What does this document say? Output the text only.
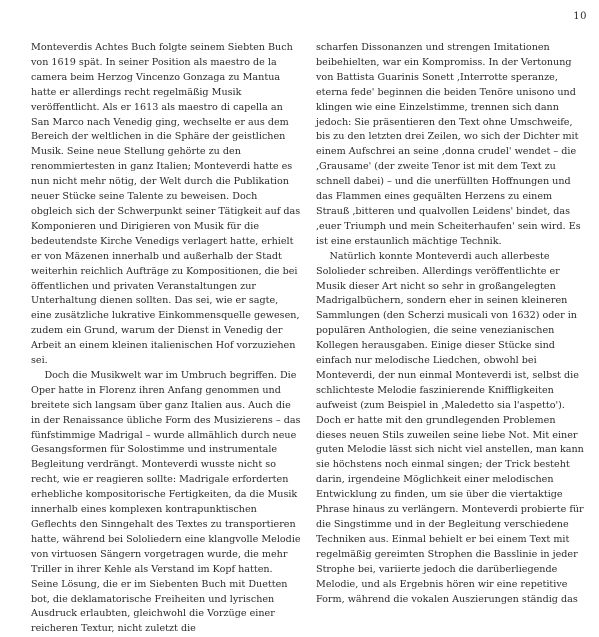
10

Monteverdis Achtes Buch folgte seinem Siebten Buch von 1619 spät. In seiner Position als maestro de la camera beim Herzog Vincenzo Gonzaga zu Mantua hatte er allerdings recht regelmäßig Musik veröffentlicht. Als er 1613 als maestro di capella an San Marco nach Venedig ging, wechselte er aus dem Bereich der weltlichen in die Sphäre der geistlichen Musik. Seine neue Stellung gehörte zu den renommiertesten in ganz Italien; Monteverdi hatte es nun nicht mehr nötig, der Welt durch die Publikation neuer Stücke seine Talente zu beweisen. Doch obgleich sich der Schwerpunkt seiner Tätigkeit auf das Komponieren und Dirigieren von Musik für die bedeutendste Kirche Venedigs verlagert hatte, erhielt er von Mäzenen innerhalb und außerhalb der Stadt weiterhin reichlich Aufträge zu Kompositionen, die bei öffentlichen und privaten Veranstaltungen zur Unterhaltung dienen sollten. Das sei, wie er sagte, eine zusätzliche lukrative Einkommensquelle gewesen, zudem ein Grund, warum der Dienst in Venedig der Arbeit an einem kleinen italienischen Hof vorzuziehen sei.

Doch die Musikwelt war im Umbruch begriffen. Die Oper hatte in Florenz ihren Anfang genommen und breitete sich langsam über ganz Italien aus. Auch die in der Renaissance übliche Form des Musizierens – das fünfstimmige Madrigal – wurde allmählich durch neue Gesangsformen für Solostimme und instrumentale Begleitung verdrängt. Monteverdi wusste nicht so recht, wie er reagieren sollte: Madrigale erforderten erhebliche kompositorische Fertigkeiten, da die Musik innerhalb eines komplexen kontrapunktischen Geflechts den Sinngehalt des Textes zu transportieren hatte, während bei Sololiedern eine klangvolle Melodie von virtuosen Sängern vorgetragen wurde, die mehr Triller in ihrer Kehle als Verstand im Kopf hatten. Seine Lösung, die er im Siebenten Buch mit Duetten bot, die deklamatorische Freiheiten und lyrischen Ausdruck erlaubten, gleichwohl die Vorzüge einer reicheren Textur, nicht zuletzt die

scharfen Dissonanzen und strengen Imitationen beibehielten, war ein Kompromiss. In der Vertonung von Battista Guarinis Sonett ‚Interrotte speranze, eterna fede' beginnen die beiden Tenöre unisono und klingen wie eine Einzelstimme, trennen sich dann jedoch: Sie präsentieren den Text ohne Umschweife, bis zu den letzten drei Zeilen, wo sich der Dichter mit einem Aufschrei an seine ‚donna crudel' wendet – die ‚Grausame' (der zweite Tenor ist mit dem Text zu schnell dabei) – und die unerfüllten Hoffnungen und das Flammen eines gequälten Herzens zu einem Strauß ‚bitteren und qualvollen Leidens' bindet, das ‚euer Triumph und mein Scheiterhaufen' sein wird. Es ist eine erstaunlich mächtige Technik.

Natürlich konnte Monteverdi auch allerbeste Sololieder schreiben. Allerdings veröffentlichte er Musik dieser Art nicht so sehr in großangelegten Madrigalbüchern, sondern eher in seinen kleineren Sammlungen (den Scherzi musicali von 1632) oder in populären Anthologien, die seine venezianischen Kollegen herausgaben. Einige dieser Stücke sind einfach nur melodische Liedchen, obwohl bei Monteverdi, der nun einmal Monteverdi ist, selbst die schlichteste Melodie faszinierende Kniffligkeiten aufweist (zum Beispiel in ‚Maledetto sia l'aspetto'). Doch er hatte mit den grundlegenden Problemen dieses neuen Stils zuweilen seine liebe Not. Mit einer guten Melodie lässt sich nicht viel anstellen, man kann sie höchstens noch einmal singen; der Trick besteht darin, irgendeine Möglichkeit einer melodischen Entwicklung zu finden, um sie über die viertaktige Phrase hinaus zu verlängern. Monteverdi probierte für die Singstimme und in der Begleitung verschiedene Techniken aus. Einmal behielt er bei einem Text mit regelmäßig gereimten Strophen die Basslinie in jeder Strophe bei, variierte jedoch die darüberliegende Melodie, und als Ergebnis hören wir eine repetitive Form, während die vokalen Auszierungen ständig das
